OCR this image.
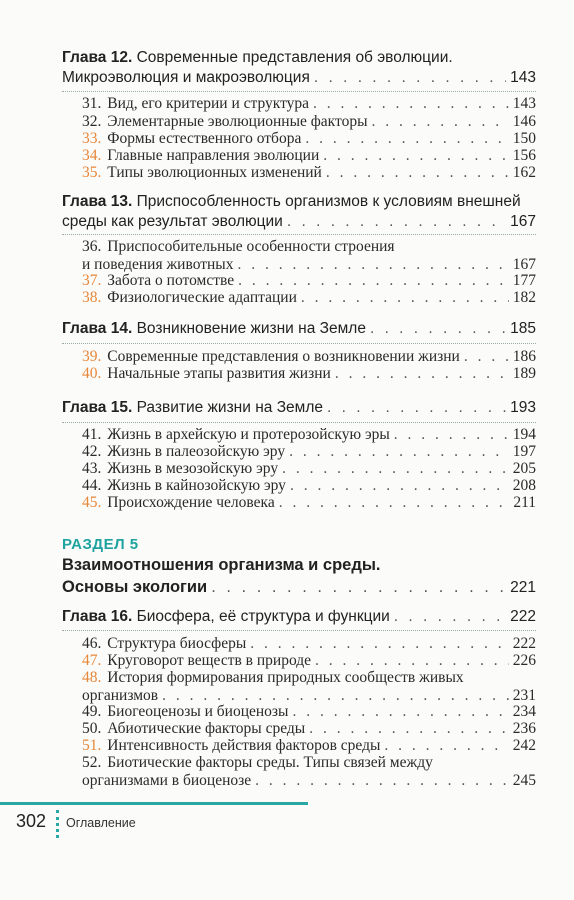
Глава 12. Современные представления об эволюции.
Микроэволюция и макроэволюция . . .	143
31. Вид, его критерии и структура . . .	143
32. Элементарные эволюционные факторы . . .	146
33. Формы естественного отбора . . .	150
34. Главные направления эволюции . . .	156
35. Типы эволюционных изменений . . .	162
Глава 13. Приспособленность организмов к условиям внешней
среды как результат эволюции . . .	167
36. Приспособительные особенности строения
и поведения животных . . .	167
37. Забота о потомстве . . .	177
38. Физиологические адаптации . . .	182
Глава 14. Возникновение жизни на Земле . . .	185
39. Современные представления о возникновении жизни . . .	186
40. Начальные этапы развития жизни . . .	189
Глава 15. Развитие жизни на Земле . . .	193
41. Жизнь в архейскую и протерозойскую эры . . .	194
42. Жизнь в палеозойскую эру . . .	197
43. Жизнь в мезозойскую эру . . .	205
44. Жизнь в кайнозойскую эру . . .	208
45. Происхождение человека . . .	211
РАЗДЕЛ 5
Взаимоотношения организма и среды.
Основы экологии . . .	221
Глава 16. Биосфера, её структура и функции . . .	222
46. Структура биосферы . . .	222
47. Круговорот веществ в природе . . .	226
48. История формирования природных сообществ живых
организмов . . .	231
49. Биогеоценозы и биоценозы . . .	234
50. Абиотические факторы среды . . .	236
51. Интенсивность действия факторов среды . . .	242
52. Биотические факторы среды. Типы связей между
организмами в биоценозе . . .	245
302 Оглавление
